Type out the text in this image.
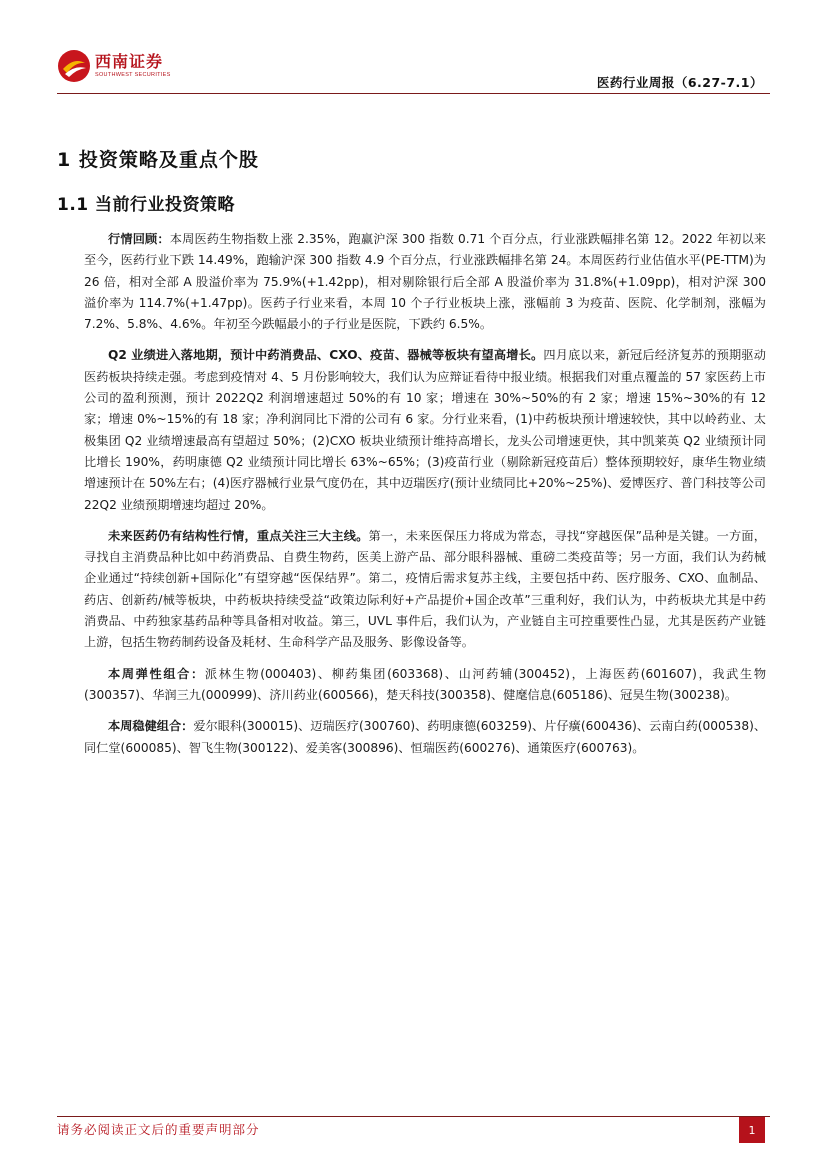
西南证券
SOUTHWEST SECURITIES	医药行业周报（6.27-7.1）
1 投资策略及重点个股
1.1 当前行业投资策略

行情回顾：本周医药生物指数上涨 2.35%，跑赢沪深 300 指数 0.71 个百分点，行业涨跌幅排名第 12。2022 年初以来至今，医药行业下跌 14.49%，跑输沪深 300 指数 4.9 个百分点，行业涨跌幅排名第 24。本周医药行业估值水平(PE-TTM)为 26 倍，相对全部 A 股溢价率为 75.9%(+1.42pp)，相对剔除银行后全部 A 股溢价率为 31.8%(+1.09pp)，相对沪深 300 溢价率为 114.7%(+1.47pp)。医药子行业来看，本周 10 个子行业板块上涨，涨幅前 3 为疫苗、医院、化学制剂，涨幅为 7.2%、5.8%、4.6%。年初至今跌幅最小的子行业是医院，下跌约 6.5%。

Q2 业绩进入落地期，预计中药消费品、CXO、疫苗、器械等板块有望高增长。四月底以来，新冠后经济复苏的预期驱动医药板块持续走强。考虑到疫情对 4、5 月份影响较大，我们认为应辩证看待中报业绩。根据我们对重点覆盖的 57 家医药上市公司的盈利预测，预计 2022Q2 利润增速超过 50%的有 10 家；增速在 30%~50%的有 2 家；增速 15%~30%的有 12 家；增速 0%~15%的有 18 家；净利润同比下滑的公司有 6 家。分行业来看，(1)中药板块预计增速较快，其中以岭药业、太极集团 Q2 业绩增速最高有望超过 50%；(2)CXO 板块业绩预计维持高增长，龙头公司增速更快，其中凯莱英 Q2 业绩预计同比增长 190%，药明康德 Q2 业绩预计同比增长 63%~65%；(3)疫苗行业（剔除新冠疫苗后）整体预期较好，康华生物业绩增速预计在 50%左右；(4)医疗器械行业景气度仍在，其中迈瑞医疗(预计业绩同比+20%~25%)、爱博医疗、普门科技等公司 22Q2 业绩预期增速均超过 20%。

未来医药仍有结构性行情，重点关注三大主线。第一，未来医保压力将成为常态，寻找“穿越医保”品种是关键。一方面，寻找自主消费品种比如中药消费品、自费生物药，医美上游产品、部分眼科器械、重磅二类疫苗等；另一方面，我们认为药械企业通过“持续创新+国际化”有望穿越“医保结界”。第二，疫情后需求复苏主线，主要包括中药、医疗服务、CXO、血制品、药店、创新药/械等板块，中药板块持续受益“政策边际利好+产品提价+国企改革”三重利好，我们认为，中药板块尤其是中药消费品、中药独家基药品种等具备相对收益。第三，UVL 事件后，我们认为，产业链自主可控重要性凸显，尤其是医药产业链上游，包括生物药制药设备及耗材、生命科学产品及服务、影像设备等。

本周弹性组合：派林生物(000403)、柳药集团(603368)、山河药辅(300452)，上海医药(601607)，我武生物(300357)、华润三九(000999)、济川药业(600566)，楚天科技(300358)、健麾信息(605186)、冠昊生物(300238)。

本周稳健组合：爱尔眼科(300015)、迈瑞医疗(300760)、药明康德(603259)、片仔癀(600436)、云南白药(000538)、同仁堂(600085)、智飞生物(300122)、爱美客(300896)、恒瑞医药(600276)、通策医疗(600763)。

请务必阅读正文后的重要声明部分	1
